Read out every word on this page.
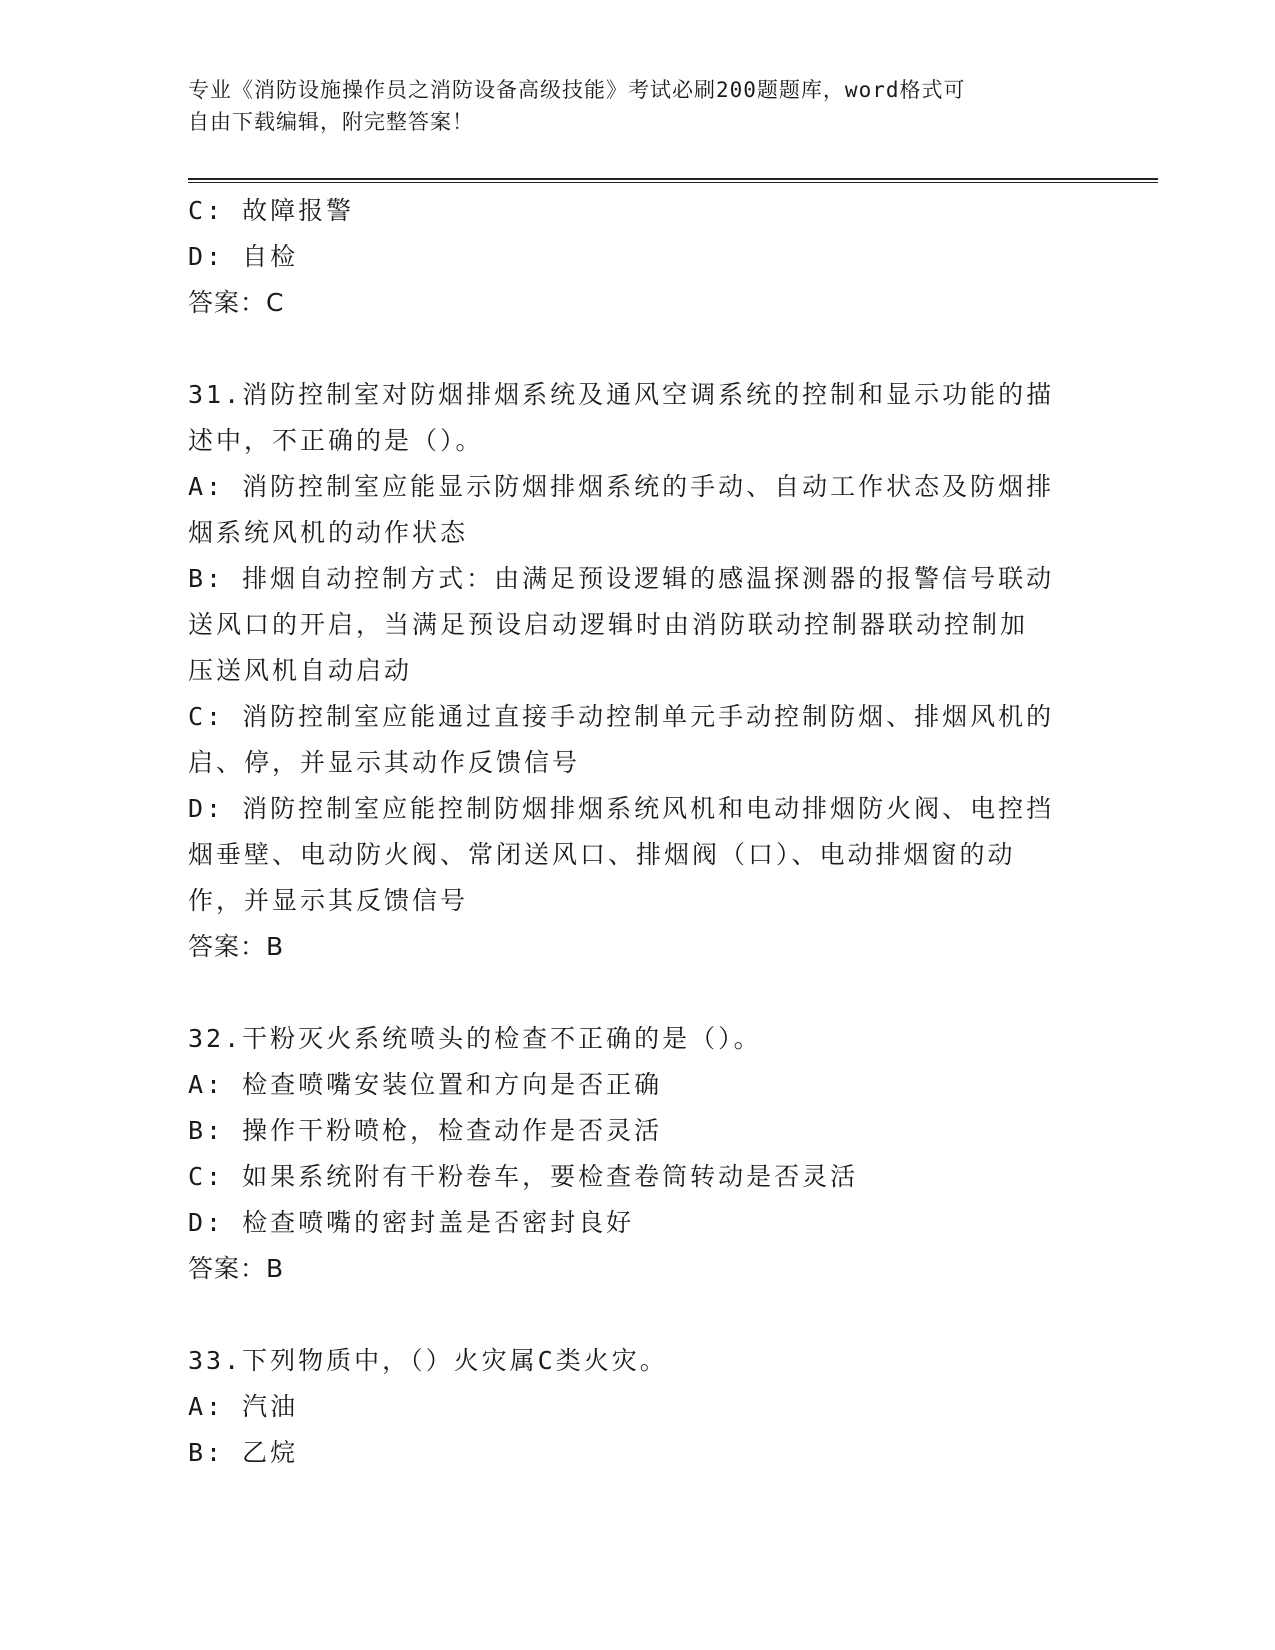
专业《消防设施操作员之消防设备高级技能》考试必刷200题题库，word格式可
自由下载编辑，附完整答案！
C: 故障报警
D: 自检
答案：C
31.消防控制室对防烟排烟系统及通风空调系统的控制和显示功能的描
述中，不正确的是（）。
A: 消防控制室应能显示防烟排烟系统的手动、自动工作状态及防烟排
烟系统风机的动作状态
B: 排烟自动控制方式：由满足预设逻辑的感温探测器的报警信号联动
送风口的开启，当满足预设启动逻辑时由消防联动控制器联动控制加
压送风机自动启动
C: 消防控制室应能通过直接手动控制单元手动控制防烟、排烟风机的
启、停，并显示其动作反馈信号
D: 消防控制室应能控制防烟排烟系统风机和电动排烟防火阀、电控挡
烟垂壁、电动防火阀、常闭送风口、排烟阀（口）、电动排烟窗的动
作，并显示其反馈信号
答案：B
32.干粉灭火系统喷头的检查不正确的是（）。
A: 检查喷嘴安装位置和方向是否正确
B: 操作干粉喷枪，检查动作是否灵活
C: 如果系统附有干粉卷车，要检查卷筒转动是否灵活
D: 检查喷嘴的密封盖是否密封良好
答案：B
33.下列物质中，（）火灾属C类火灾。
A: 汽油
B: 乙烷
